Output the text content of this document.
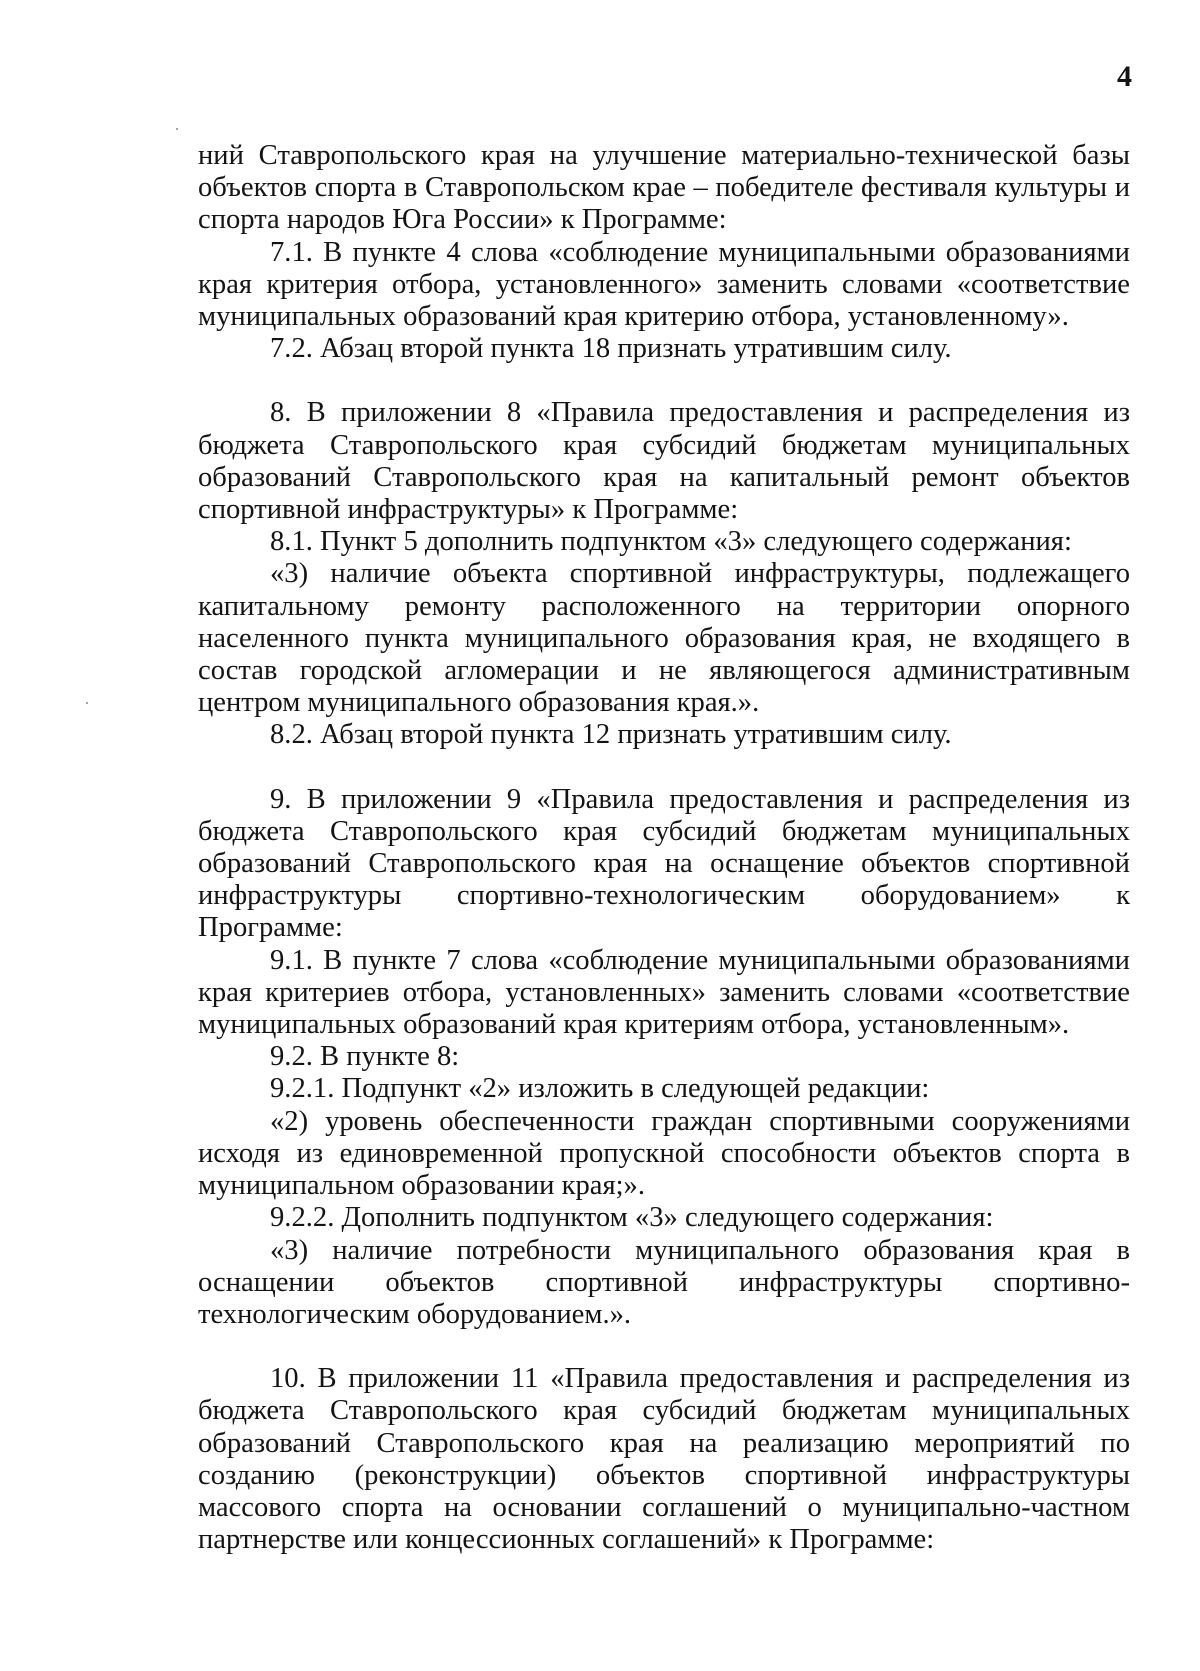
4

ний Ставропольского края на улучшение материально-технической базы объектов спорта в Ставропольском крае – победителе фестиваля культуры и спорта народов Юга России» к Программе:

7.1. В пункте 4 слова «соблюдение муниципальными образованиями края критерия отбора, установленного» заменить словами «соответствие муниципальных образований края критерию отбора, установленному».

7.2. Абзац второй пункта 18 признать утратившим силу.

8. В приложении 8 «Правила предоставления и распределения из бюджета Ставропольского края субсидий бюджетам муниципальных образований Ставропольского края на капитальный ремонт объектов спортивной инфраструктуры» к Программе:

8.1. Пункт 5 дополнить подпунктом «3» следующего содержания:

«3) наличие объекта спортивной инфраструктуры, подлежащего капитальному ремонту расположенного на территории опорного населенного пункта муниципального образования края, не входящего в состав городской агломерации и не являющегося административным центром муниципального образования края.».

8.2. Абзац второй пункта 12 признать утратившим силу.

9. В приложении 9 «Правила предоставления и распределения из бюджета Ставропольского края субсидий бюджетам муниципальных образований Ставропольского края на оснащение объектов спортивной инфраструктуры спортивно-технологическим оборудованием» к Программе:

9.1. В пункте 7 слова «соблюдение муниципальными образованиями края критериев отбора, установленных» заменить словами «соответствие муниципальных образований края критериям отбора, установленным».

9.2. В пункте 8:

9.2.1. Подпункт «2» изложить в следующей редакции:

«2) уровень обеспеченности граждан спортивными сооружениями исходя из единовременной пропускной способности объектов спорта в муниципальном образовании края;».

9.2.2. Дополнить подпунктом «3» следующего содержания:

«3) наличие потребности муниципального образования края в оснащении объектов спортивной инфраструктуры спортивно-технологическим оборудованием.».

10. В приложении 11 «Правила предоставления и распределения из бюджета Ставропольского края субсидий бюджетам муниципальных образований Ставропольского края на реализацию мероприятий по созданию (реконструкции) объектов спортивной инфраструктуры массового спорта на основании соглашений о муниципально-частном партнерстве или концессионных соглашений» к Программе:
